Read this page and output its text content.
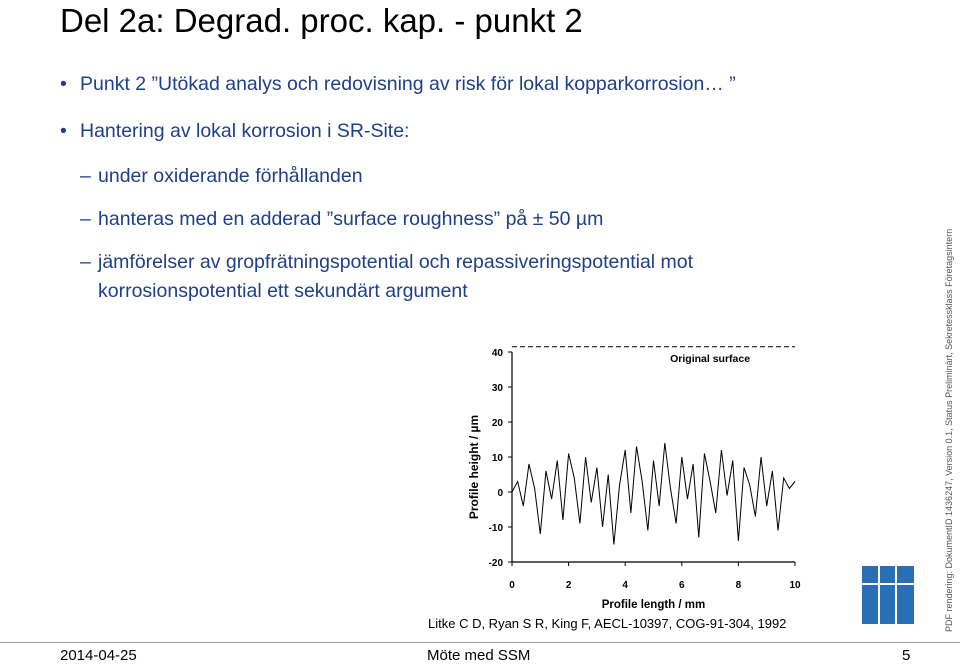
Del 2a: Degrad. proc. kap. - punkt 2
• Punkt 2 ”Utökad analys och redovisning av risk för lokal kopparkorrosion… ”
• Hantering av lokal korrosion i SR-Site:
– under oxiderande förhållanden
– hanteras med en adderad ”surface roughness” på ± 50 µm
– jämförelser av gropfrätningspotential och repassiveringspotential mot
korrosionspotential ett sekundärt argument
40
30
20
10
0
-10
-20
0	2	4	6	8	10
Original surface
Profile length / mm
Profile height / µm
Litke C D, Ryan S R, King F, AECL-10397, COG-91-304, 1992	PDF rendering: DokumentID 1436247, Version 0.1, Status Preliminärt, Sekretessklass Företagsintern
2014-04-25	Möte med SSM	5
